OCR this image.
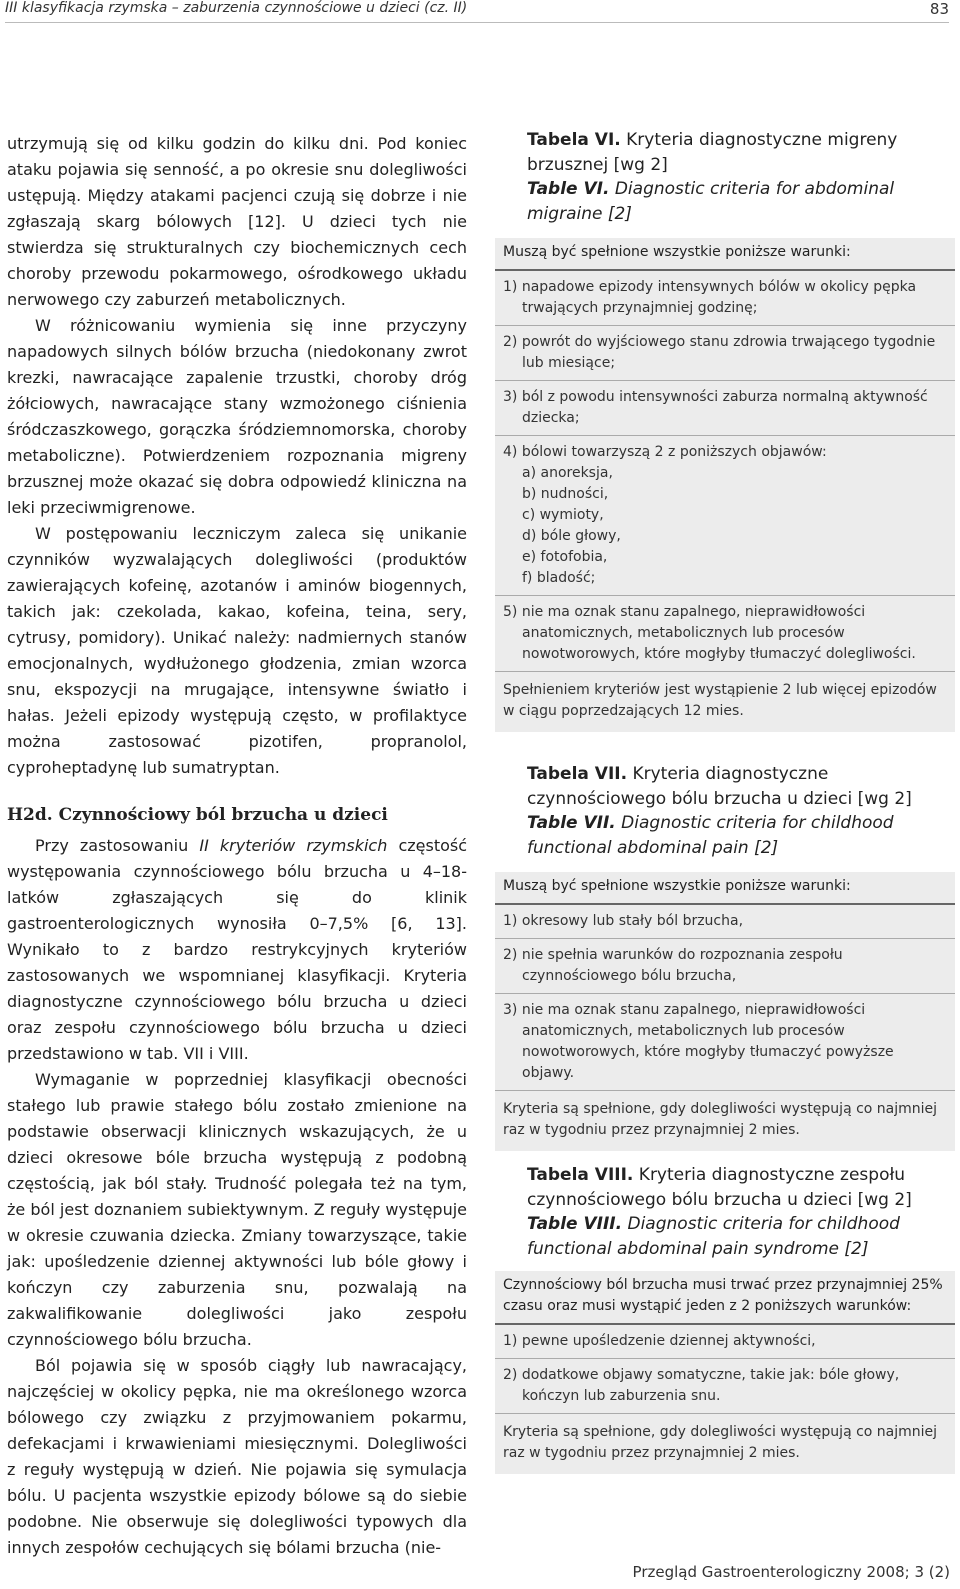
III klasyfikacja rzymska – zaburzenia czynnościowe u dzieci (cz. II)	83

utrzymują się od kilku godzin do kilku dni. Pod koniec ataku pojawia się senność, a po okresie snu dolegliwości ustępują. Między atakami pacjenci czują się dobrze i nie zgłaszają skarg bólowych [12]. U dzieci tych nie stwierdza się strukturalnych czy biochemicznych cech choroby przewodu pokarmowego, ośrodkowego układu nerwowego czy zaburzeń metabolicznych.

W różnicowaniu wymienia się inne przyczyny napadowych silnych bólów brzucha (niedokonany zwrot krezki, nawracające zapalenie trzustki, choroby dróg żółciowych, nawracające stany wzmożonego ciśnienia śródczaszkowego, gorączka śródziemnomorska, choroby metaboliczne). Potwierdzeniem rozpoznania migreny brzusznej może okazać się dobra odpowiedź kliniczna na leki przeciwmigrenowe.

W postępowaniu leczniczym zaleca się unikanie czynników wyzwalających dolegliwości (produktów zawierających kofeinę, azotanów i aminów biogennych, takich jak: czekolada, kakao, kofeina, teina, sery, cytrusy, pomidory). Unikać należy: nadmiernych stanów emocjonalnych, wydłużonego głodzenia, zmian wzorca snu, ekspozycji na mrugające, intensywne światło i hałas. Jeżeli epizody występują często, w profilaktyce można zastosować pizotifen, propranolol, cyproheptadynę lub sumatryptan.

H2d. Czynnościowy ból brzucha u dzieci

Przy zastosowaniu II kryteriów rzymskich częstość występowania czynnościowego bólu brzucha u 4–18-latków zgłaszających się do klinik gastroenterologicznych wynosiła 0–7,5% [6, 13]. Wynikało to z bardzo restrykcyjnych kryteriów zastosowanych we wspomnianej klasyfikacji. Kryteria diagnostyczne czynnościowego bólu brzucha u dzieci oraz zespołu czynnościowego bólu brzucha u dzieci przedstawiono w tab. VII i VIII.

Wymaganie w poprzedniej klasyfikacji obecności stałego lub prawie stałego bólu zostało zmienione na podstawie obserwacji klinicznych wskazujących, że u dzieci okresowe bóle brzucha występują z podobną częstością, jak ból stały. Trudność polegała też na tym, że ból jest doznaniem subiektywnym. Z reguły występuje w okresie czuwania dziecka. Zmiany towarzyszące, takie jak: upośledzenie dziennej aktywności lub bóle głowy i kończyn czy zaburzenia snu, pozwalają na zakwalifikowanie dolegliwości jako zespołu czynnościowego bólu brzucha.

Ból pojawia się w sposób ciągły lub nawracający, najczęściej w okolicy pępka, nie ma określonego wzorca bólowego czy związku z przyjmowaniem pokarmu, defekacjami i krwawieniami miesięcznymi. Dolegliwości z reguły występują w dzień. Nie pojawia się symulacja bólu. U pacjenta wszystkie epizody bólowe są do siebie podobne. Nie obserwuje się dolegliwości typowych dla innych zespołów cechujących się bólami brzucha (nie-

Tabela VI. Kryteria diagnostyczne migreny brzusznej [wg 2]
Table VI. Diagnostic criteria for abdominal migraine [2]
Muszą być spełnione wszystkie poniższe warunki:
1) napadowe epizody intensywnych bólów w okolicy pępka trwających przynajmniej godzinę;
2) powrót do wyjściowego stanu zdrowia trwającego tygodnie lub miesiące;
3) ból z powodu intensywności zaburza normalną aktywność dziecka;
4) bólowi towarzyszą 2 z poniższych objawów:
a) anoreksja,
b) nudności,
c) wymioty,
d) bóle głowy,
e) fotofobia,
f) bladość;
5) nie ma oznak stanu zapalnego, nieprawidłowości anatomicznych, metabolicznych lub procesów nowotworowych, które mogłyby tłumaczyć dolegliwości.
Spełnieniem kryteriów jest wystąpienie 2 lub więcej epizodów w ciągu poprzedzających 12 mies.
Tabela VII. Kryteria diagnostyczne czynnościowego bólu brzucha u dzieci [wg 2]
Table VII. Diagnostic criteria for childhood functional abdominal pain [2]
Muszą być spełnione wszystkie poniższe warunki:
1) okresowy lub stały ból brzucha,
2) nie spełnia warunków do rozpoznania zespołu czynnościowego bólu brzucha,
3) nie ma oznak stanu zapalnego, nieprawidłowości anatomicznych, metabolicznych lub procesów nowotworowych, które mogłyby tłumaczyć powyższe objawy.
Kryteria są spełnione, gdy dolegliwości występują co najmniej raz w tygodniu przez przynajmniej 2 mies.
Tabela VIII. Kryteria diagnostyczne zespołu czynnościowego bólu brzucha u dzieci [wg 2]
Table VIII. Diagnostic criteria for childhood functional abdominal pain syndrome [2]
Czynnościowy ból brzucha musi trwać przez przynajmniej 25% czasu oraz musi wystąpić jeden z 2 poniższych warunków:
1) pewne upośledzenie dziennej aktywności,
2) dodatkowe objawy somatyczne, takie jak: bóle głowy, kończyn lub zaburzenia snu.
Kryteria są spełnione, gdy dolegliwości występują co najmniej raz w tygodniu przez przynajmniej 2 mies.
Przegląd Gastroenterologiczny 2008; 3 (2)
